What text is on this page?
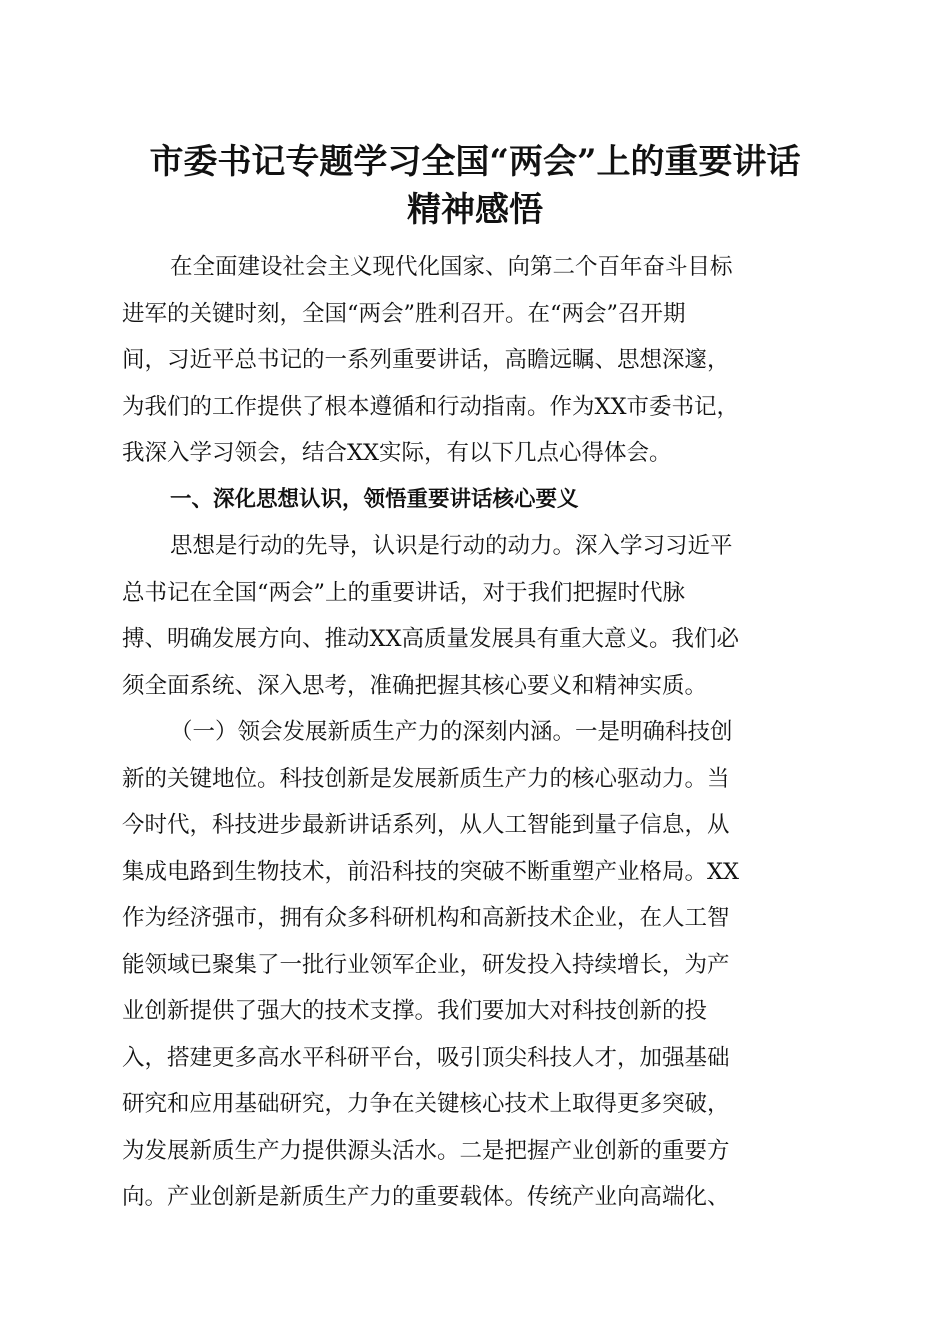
市委书记专题学习全国“两会”上的重要讲话
精神感悟
在全面建设社会主义现代化国家、向第二个百年奋斗目标
进军的关键时刻，全国“两会”胜利召开。在“两会”召开期
间，习近平总书记的一系列重要讲话，高瞻远瞩、思想深邃，
为我们的工作提供了根本遵循和行动指南。作为XX市委书记，
我深入学习领会，结合XX实际，有以下几点心得体会。
一、深化思想认识，领悟重要讲话核心要义
思想是行动的先导，认识是行动的动力。深入学习习近平
总书记在全国“两会”上的重要讲话，对于我们把握时代脉
搏、明确发展方向、推动XX高质量发展具有重大意义。我们必
须全面系统、深入思考，准确把握其核心要义和精神实质。
（一）领会发展新质生产力的深刻内涵。一是明确科技创
新的关键地位。科技创新是发展新质生产力的核心驱动力。当
今时代，科技进步最新讲话系列，从人工智能到量子信息，从
集成电路到生物技术，前沿科技的突破不断重塑产业格局。XX
作为经济强市，拥有众多科研机构和高新技术企业，在人工智
能领域已聚集了一批行业领军企业，研发投入持续增长，为产
业创新提供了强大的技术支撑。我们要加大对科技创新的投
入，搭建更多高水平科研平台，吸引顶尖科技人才，加强基础
研究和应用基础研究，力争在关键核心技术上取得更多突破，
为发展新质生产力提供源头活水。二是把握产业创新的重要方
向。产业创新是新质生产力的重要载体。传统产业向高端化、
